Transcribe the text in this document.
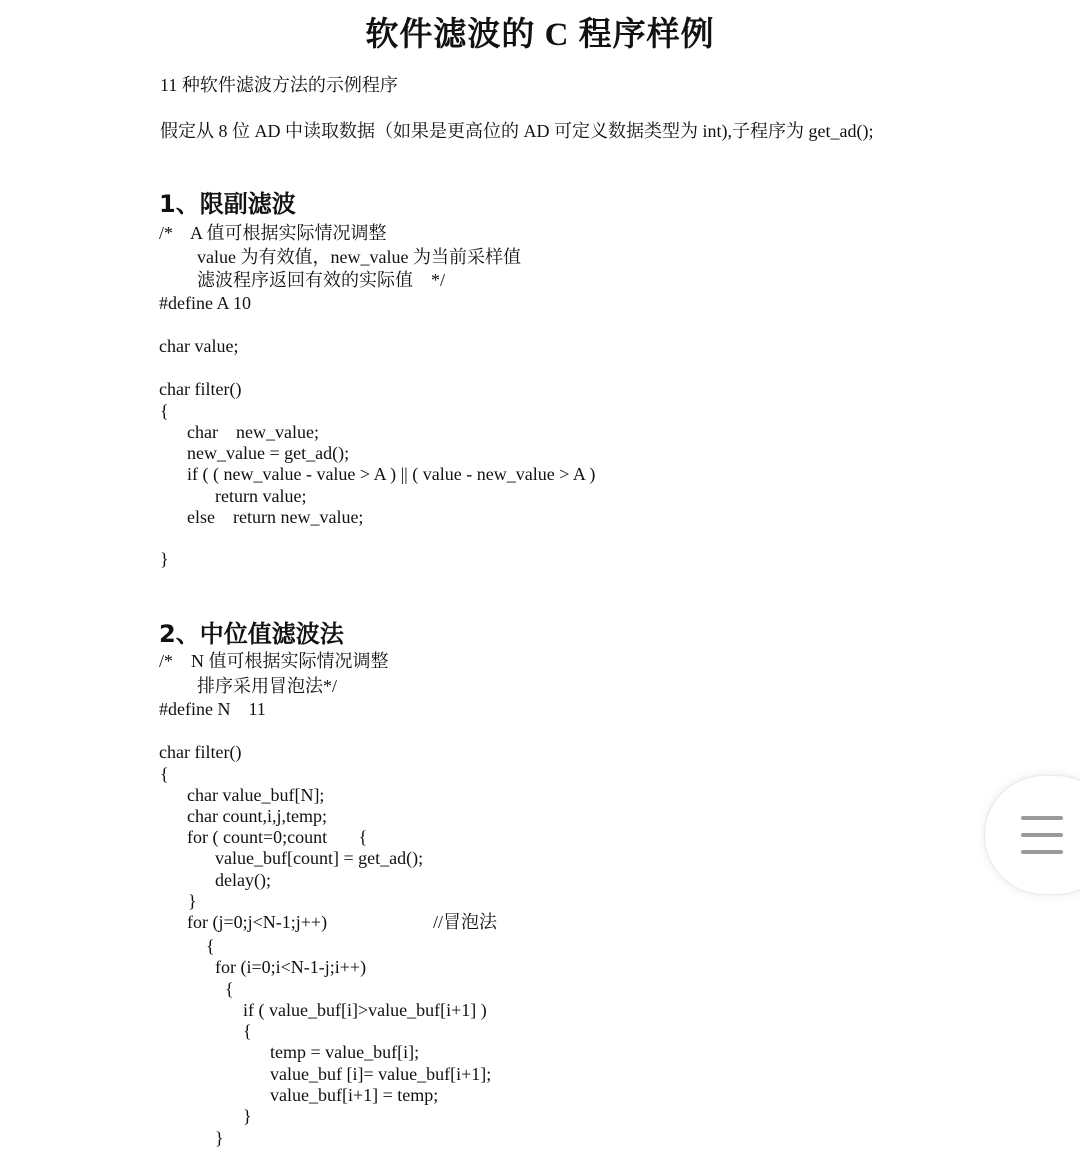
软件滤波的 C 程序样例

11 种软件滤波方法的示例程序

假定从 8 位 AD 中读取数据（如果是更高位的 AD 可定义数据类型为 int),子程序为 get_ad();

1、限副滤波

/*    A 值可根据实际情况调整

value 为有效值，new_value 为当前采样值

滤波程序返回有效的实际值    */

#define A 10

char value;

char filter()

{

char    new_value;

new_value = get_ad();

if ( ( new_value - value > A ) || ( value - new_value > A )

return value;

else    return new_value;

}

2、中位值滤波法

/*    N 值可根据实际情况调整

排序采用冒泡法*/

#define N    11

char filter()

{

char value_buf[N];

char count,i,j,temp;

for ( count=0;count       {

value_buf[count] = get_ad();

delay();

}

for (j=0;j<N-1;j++)	//冒泡法

{

for (i=0;i<N-1-j;i++)

{

if ( value_buf[i]>value_buf[i+1] )

{

temp = value_buf[i];

value_buf [i]= value_buf[i+1];

value_buf[i+1] = temp;

}

}
